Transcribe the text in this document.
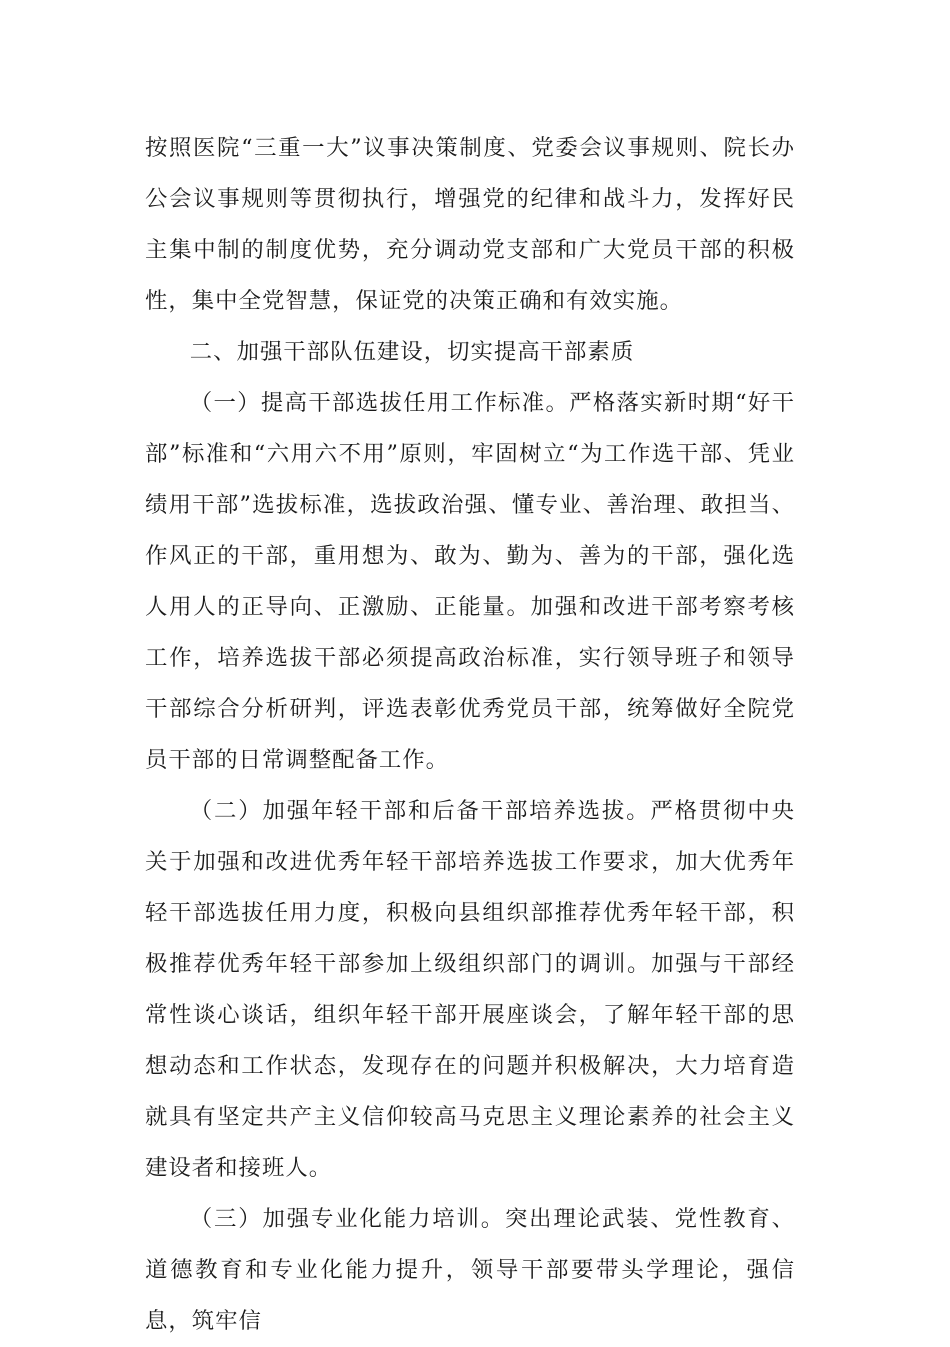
按照医院“三重一大”议事决策制度、党委会议事规则、院长办公会议事规则等贯彻执行，增强党的纪律和战斗力，发挥好民主集中制的制度优势，充分调动党支部和广大党员干部的积极性，集中全党智慧，保证党的决策正确和有效实施。

二、加强干部队伍建设，切实提高干部素质

（一）提高干部选拔任用工作标准。严格落实新时期“好干部”标准和“六用六不用”原则，牢固树立“为工作选干部、凭业绩用干部”选拔标准，选拔政治强、懂专业、善治理、敢担当、作风正的干部，重用想为、敢为、勤为、善为的干部，强化选人用人的正导向、正激励、正能量。加强和改进干部考察考核工作，培养选拔干部必须提高政治标准，实行领导班子和领导干部综合分析研判，评选表彰优秀党员干部，统筹做好全院党员干部的日常调整配备工作。

（二）加强年轻干部和后备干部培养选拔。严格贯彻中央关于加强和改进优秀年轻干部培养选拔工作要求，加大优秀年轻干部选拔任用力度，积极向县组织部推荐优秀年轻干部，积极推荐优秀年轻干部参加上级组织部门的调训。加强与干部经常性谈心谈话，组织年轻干部开展座谈会，了解年轻干部的思想动态和工作状态，发现存在的问题并积极解决，大力培育造就具有坚定共产主义信仰较高马克思主义理论素养的社会主义建设者和接班人。

（三）加强专业化能力培训。突出理论武装、党性教育、道德教育和专业化能力提升，领导干部要带头学理论，强信息，筑牢信
